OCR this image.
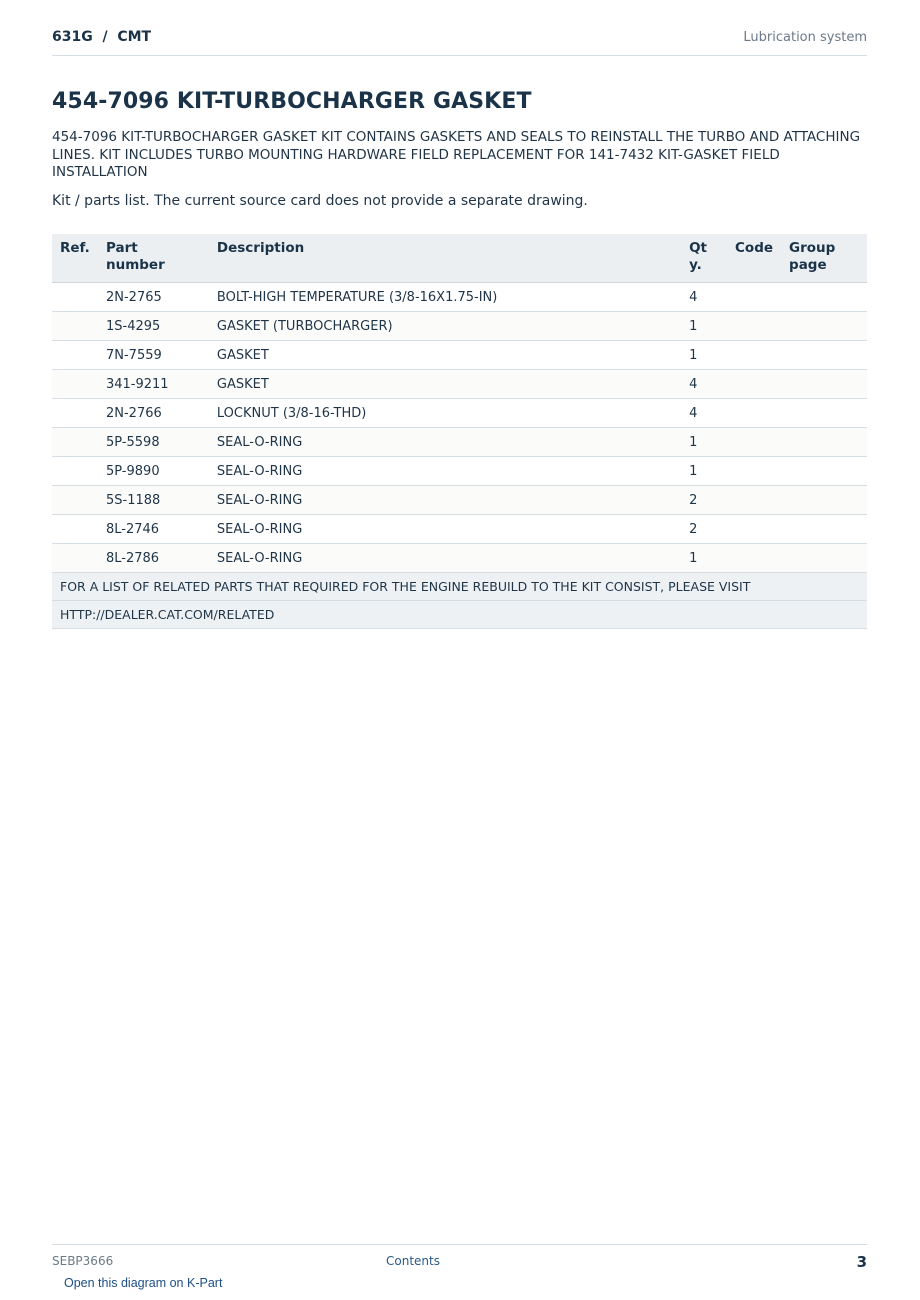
631G  /  CMT	Lubrication system
454-7096 KIT-TURBOCHARGER GASKET

454-7096 KIT-TURBOCHARGER GASKET KIT CONTAINS GASKETS AND SEALS TO REINSTALL THE TURBO AND ATTACHING LINES. KIT INCLUDES TURBO MOUNTING HARDWARE FIELD REPLACEMENT FOR 141-7432 KIT-GASKET FIELD INSTALLATION

Kit / parts list. The current source card does not provide a separate drawing.

Ref.	Part number	Description	Qty.	Code	Group page
	2N-2765	BOLT-HIGH TEMPERATURE (3/8-16X1.75-IN)	4		
	1S-4295	GASKET (TURBOCHARGER)	1		
	7N-7559	GASKET	1		
	341-9211	GASKET	4		
	2N-2766	LOCKNUT (3/8-16-THD)	4		
	5P-5598	SEAL-O-RING	1		
	5P-9890	SEAL-O-RING	1		
	5S-1188	SEAL-O-RING	2		
	8L-2746	SEAL-O-RING	2		
	8L-2786	SEAL-O-RING	1		
FOR A LIST OF RELATED PARTS THAT REQUIRED FOR THE ENGINE REBUILD TO THE KIT CONSIST, PLEASE VISIT					
HTTP://DEALER.CAT.COM/RELATED					
SEBP3666	Contents	3
Open this diagram on K-Part
